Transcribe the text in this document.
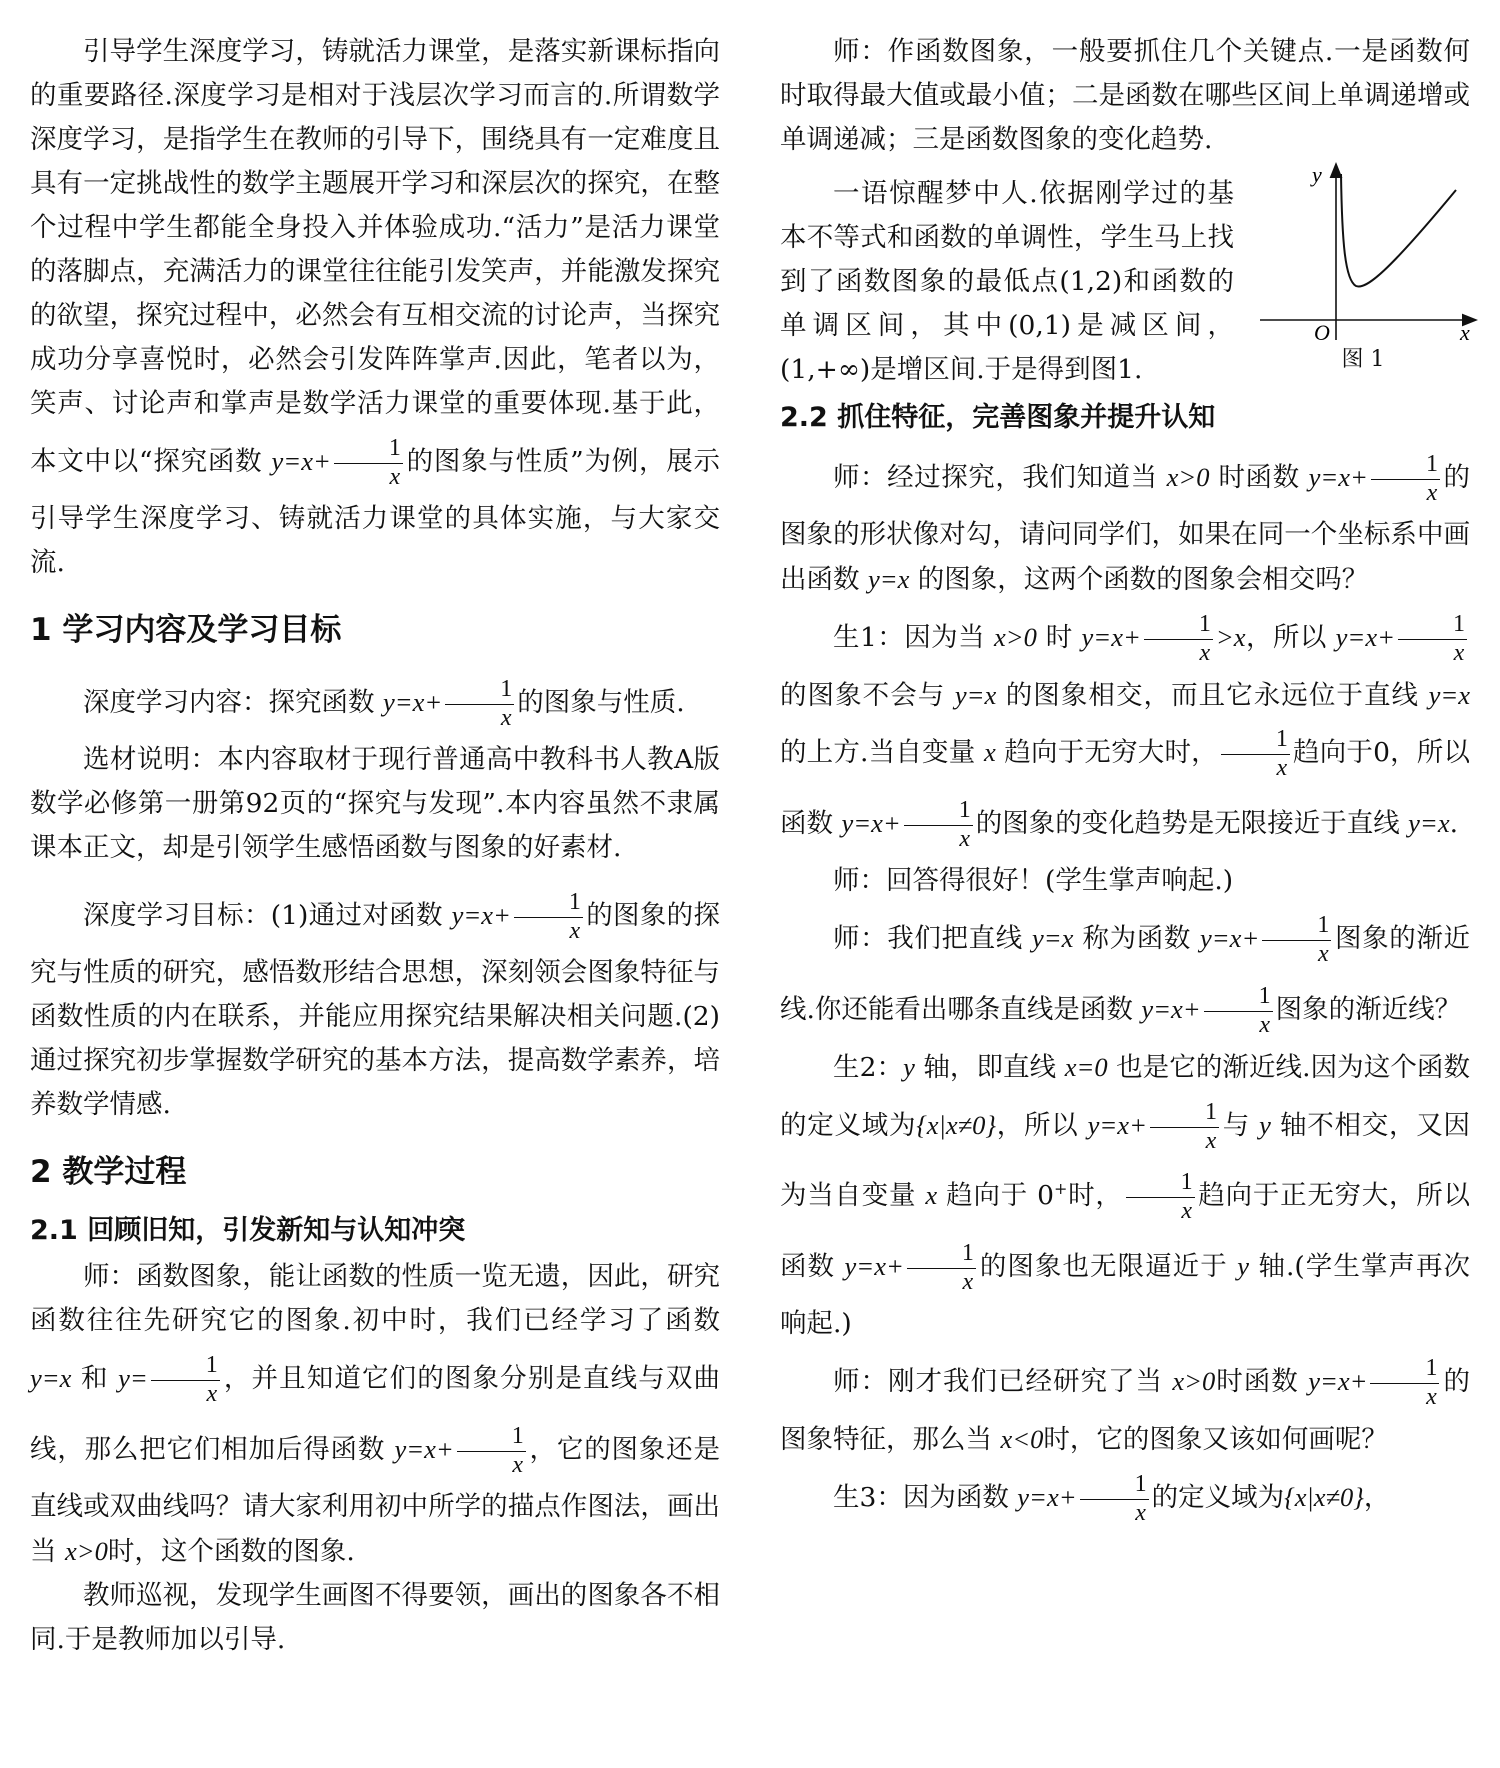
引导学生深度学习，铸就活力课堂，是落实新课标指向的重要路径.深度学习是相对于浅层次学习而言的.所谓数学深度学习，是指学生在教师的引导下，围绕具有一定难度且具有一定挑战性的数学主题展开学习和深层次的探究，在整个过程中学生都能全身投入并体验成功.“活力”是活力课堂的落脚点，充满活力的课堂往往能引发笑声，并能激发探究的欲望，探究过程中，必然会有互相交流的讨论声，当探究成功分享喜悦时，必然会引发阵阵掌声.因此，笔者以为，笑声、讨论声和掌声是数学活力课堂的重要体现.基于此，本文中以“探究函数 $y=x+ \frac{1}{x}$ 的图象与性质”为例，展示引导学生深度学习、铸就活力课堂的具体实施，与大家交流.

1 学习内容及学习目标

深度学习内容：探究函数 $y=x+ \frac{1}{x}$ 的图象与性质.

选材说明：本内容取材于现行普通高中教科书人教A版数学必修第一册第92页的“探究与发现”.本内容虽然不隶属课本正文，却是引领学生感悟函数与图象的好素材.

深度学习目标：(1)通过对函数 $y=x+ \frac{1}{x}$ 的图象的探究与性质的研究，感悟数形结合思想，深刻领会图象特征与函数性质的内在联系，并能应用探究结果解决相关问题.(2)通过探究初步掌握数学研究的基本方法，提高数学素养，培养数学情感.

2 教学过程
2.1 回顾旧知，引发新知与认知冲突

师：函数图象，能让函数的性质一览无遗，因此，研究函数往往先研究它的图象.初中时，我们已经学习了函数 y=x 和 $y= \frac{1}{x}$ ，并且知道它们的图象分别是直线与双曲线，那么把它们相加后得函数 $y=x+ \frac{1}{x}$ ，它的图象还是直线或双曲线吗？请大家利用初中所学的描点作图法，画出当 x>0时，这个函数的图象.

教师巡视，发现学生画图不得要领，画出的图象各不相同.于是教师加以引导.

师：作函数图象，一般要抓住几个关键点.一是函数何时取得最大值或最小值；二是函数在哪些区间上单调递增或单调递减；三是函数图象的变化趋势.

y
x
O
图 1

一语惊醒梦中人.依据刚学过的基本不等式和函数的单调性，学生马上找到了函数图象的最低点(1,2)和函数的单调区间，其中(0,1)是减区间，(1,+∞)是增区间.于是得到图1.

2.2 抓住特征，完善图象并提升认知

师：经过探究，我们知道当 x>0 时函数 $y=x+ \frac{1}{x}$ 的图象的形状像对勾，请问同学们，如果在同一个坐标系中画出函数 y=x 的图象，这两个函数的图象会相交吗？

生1：因为当 x>0 时 $y=x+ \frac{1}{x} >x$，所以 $y=x+ \frac{1}{x}$
的图象不会与 y=x 的图象相交，而且它永远位于直线 y=x 的上方.当自变量 x 趋向于无穷大时， $\frac{1}{x}$ 趋向于0，所以函数 $y=x+ \frac{1}{x}$ 的图象的变化趋势是无限接近于直线 y=x.

师：回答得很好！(学生掌声响起.)

师：我们把直线 y=x 称为函数 $y=x+ \frac{1}{x}$ 图象的渐近线.你还能看出哪条直线是函数 $y=x+ \frac{1}{x}$ 图象的渐近线？

生2：y 轴，即直线 x=0 也是它的渐近线.因为这个函数的定义域为{x|x≠0}，所以 $y=x+ \frac{1}{x}$ 与 y 轴不相交，又因为当自变量 x 趋向于 0+时， $\frac{1}{x}$ 趋向于正无穷大，所以函数 $y=x+ \frac{1}{x}$ 的图象也无限逼近于 y 轴.(学生掌声再次响起.)

师：刚才我们已经研究了当 x>0时函数 $y=x+ \frac{1}{x}$ 的图象特征，那么当 x<0时，它的图象又该如何画呢？

生3：因为函数 $y=x+ \frac{1}{x}$ 的定义域为{x|x≠0}，
